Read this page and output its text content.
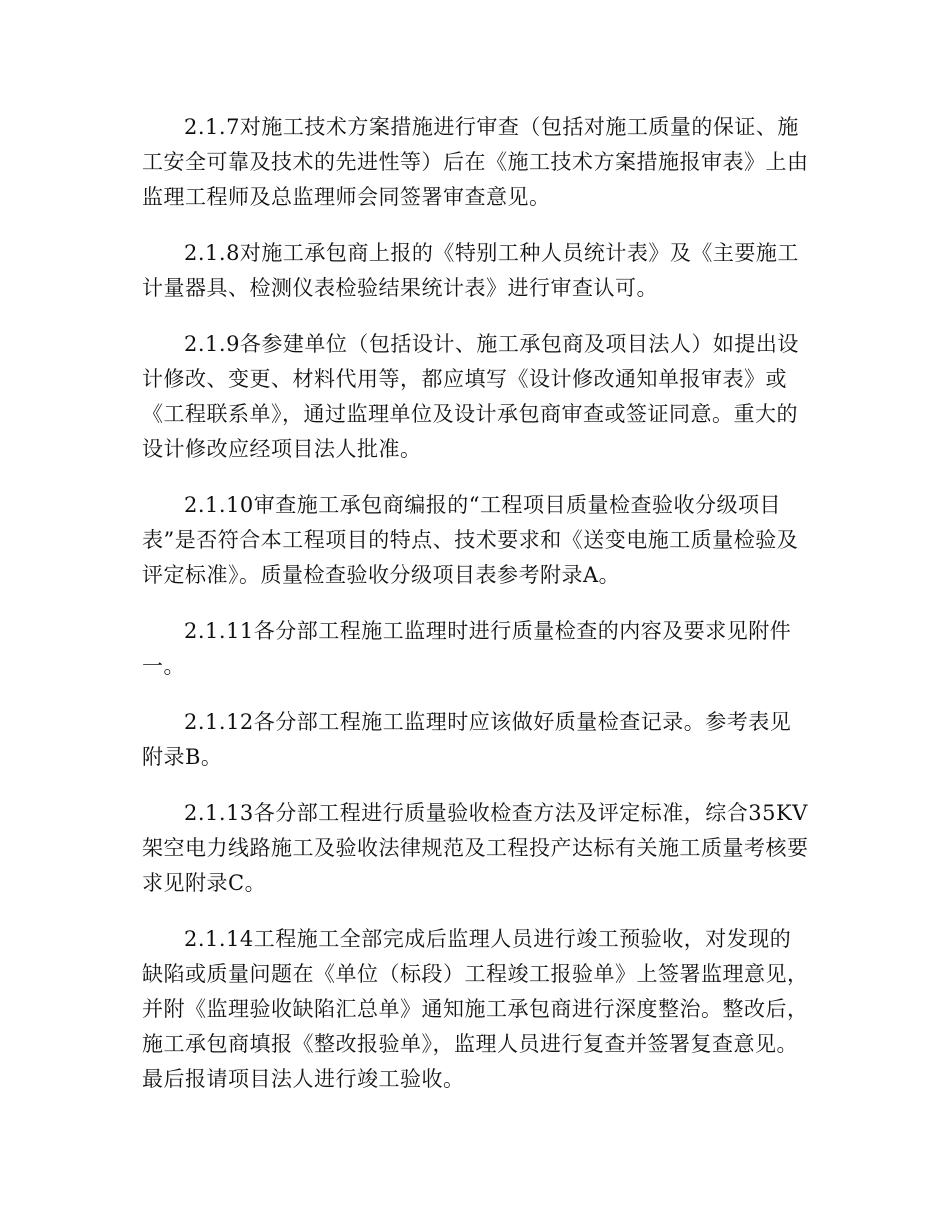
2.1.7对施工技术方案措施进行审查（包括对施工质量的保证、施工安全可靠及技术的先进性等）后在《施工技术方案措施报审表》上由监理工程师及总监理师会同签署审查意见。

2.1.8对施工承包商上报的《特别工种人员统计表》及《主要施工计量器具、检测仪表检验结果统计表》进行审查认可。

2.1.9各参建单位（包括设计、施工承包商及项目法人）如提出设计修改、变更、材料代用等，都应填写《设计修改通知单报审表》或《工程联系单》，通过监理单位及设计承包商审查或签证同意。重大的设计修改应经项目法人批准。

2.1.10审查施工承包商编报的“工程项目质量检查验收分级项目表”是否符合本工程项目的特点、技术要求和《送变电施工质量检验及评定标准》。质量检查验收分级项目表参考附录A。

2.1.11各分部工程施工监理时进行质量检查的内容及要求见附件一。

2.1.12各分部工程施工监理时应该做好质量检查记录。参考表见附录B。

2.1.13各分部工程进行质量验收检查方法及评定标准，综合35KV架空电力线路施工及验收法律规范及工程投产达标有关施工质量考核要求见附录C。

2.1.14工程施工全部完成后监理人员进行竣工预验收，对发现的缺陷或质量问题在《单位（标段）工程竣工报验单》上签署监理意见，并附《监理验收缺陷汇总单》通知施工承包商进行深度整治。整改后，施工承包商填报《整改报验单》，监理人员进行复查并签署复查意见。最后报请项目法人进行竣工验收。
